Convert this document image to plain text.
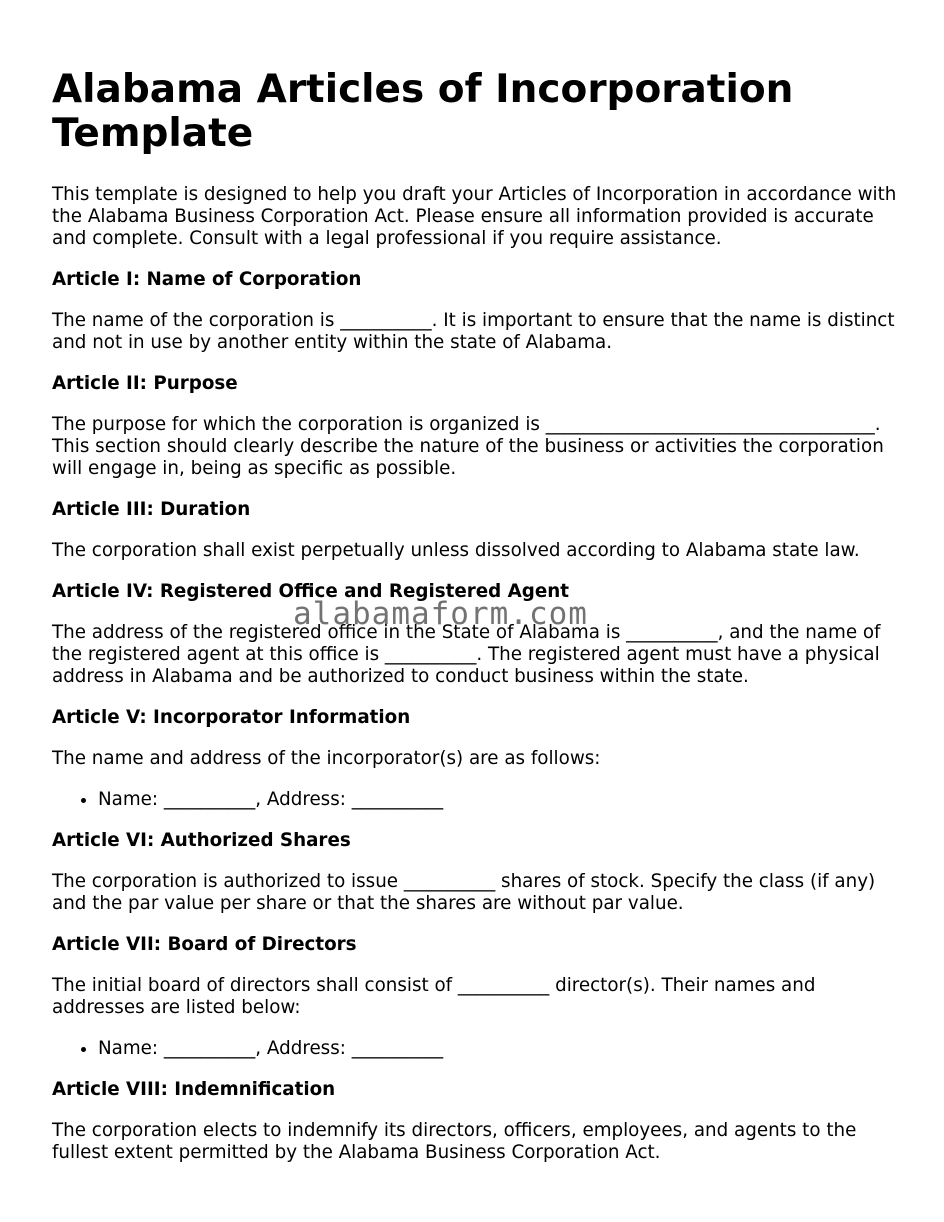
Alabama Articles of Incorporation Template

This template is designed to help you draft your Articles of Incorporation in accordance with the Alabama Business Corporation Act. Please ensure all information provided is accurate and complete. Consult with a legal professional if you require assistance.

Article I: Name of Corporation

The name of the corporation is __________. It is important to ensure that the name is distinct and not in use by another entity within the state of Alabama.

Article II: Purpose

The purpose for which the corporation is organized is ____________________________________. This section should clearly describe the nature of the business or activities the corporation will engage in, being as specific as possible.

Article III: Duration

The corporation shall exist perpetually unless dissolved according to Alabama state law.

Article IV: Registered Office and Registered Agent

The address of the registered office in the State of Alabama is __________, and the name of the registered agent at this office is __________. The registered agent must have a physical address in Alabama and be authorized to conduct business within the state.

Article V: Incorporator Information

The name and address of the incorporator(s) are as follows:

• Name: __________, Address: __________
Article VI: Authorized Shares

The corporation is authorized to issue __________ shares of stock. Specify the class (if any) and the par value per share or that the shares are without par value.

Article VII: Board of Directors

The initial board of directors shall consist of __________ director(s). Their names and addresses are listed below:

• Name: __________, Address: __________
Article VIII: Indemnification

The corporation elects to indemnify its directors, officers, employees, and agents to the fullest extent permitted by the Alabama Business Corporation Act.

alabamaform.com
